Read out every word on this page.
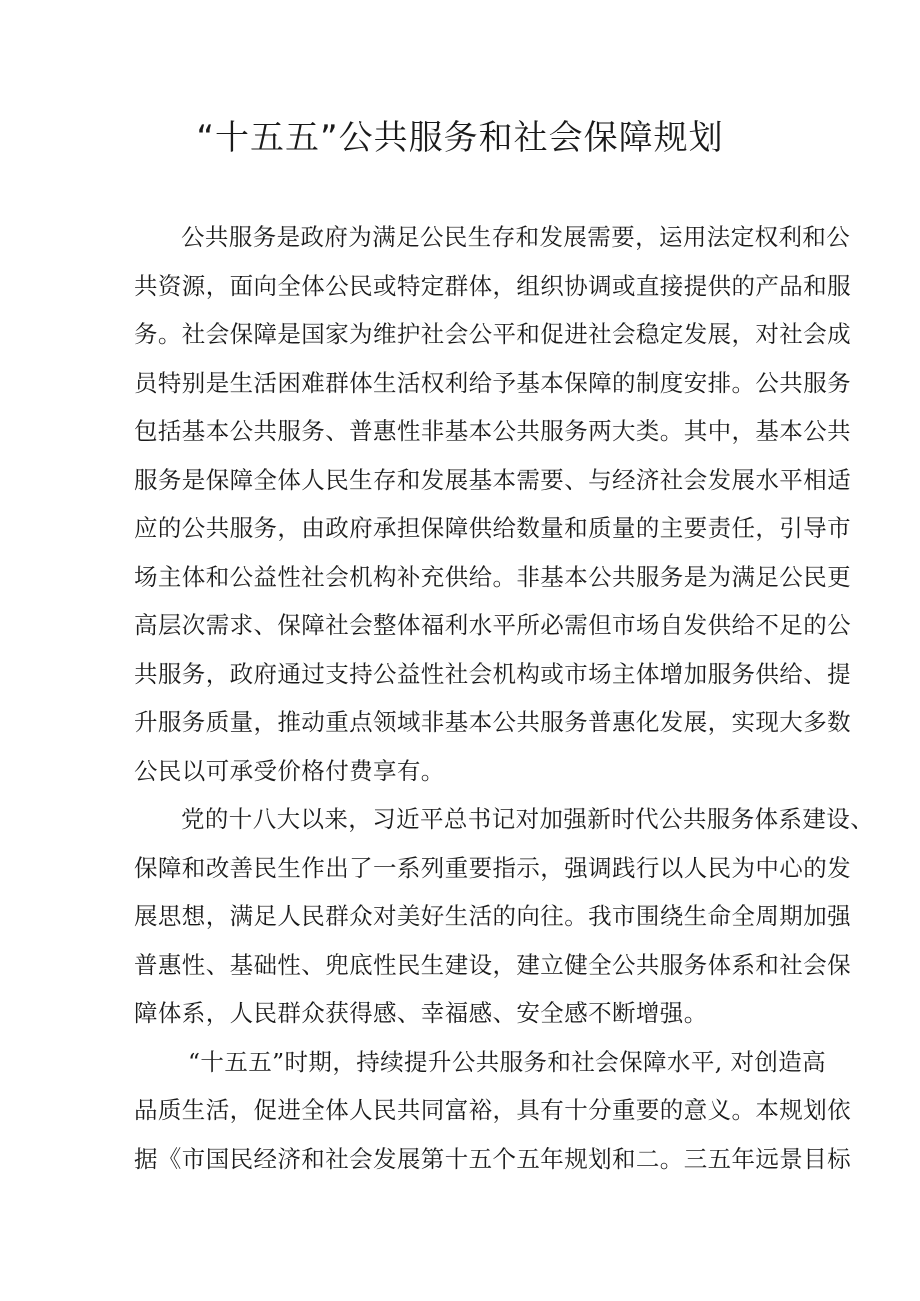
“十五五”公共服务和社会保障规划
公共服务是政府为满足公民生存和发展需要，运用法定权利和公
共资源，面向全体公民或特定群体，组织协调或直接提供的产品和服
务。社会保障是国家为维护社会公平和促进社会稳定发展，对社会成
员特别是生活困难群体生活权利给予基本保障的制度安排。公共服务
包括基本公共服务、普惠性非基本公共服务两大类。其中，基本公共
服务是保障全体人民生存和发展基本需要、与经济社会发展水平相适
应的公共服务，由政府承担保障供给数量和质量的主要责任，引导市
场主体和公益性社会机构补充供给。非基本公共服务是为满足公民更
高层次需求、保障社会整体福利水平所必需但市场自发供给不足的公
共服务，政府通过支持公益性社会机构或市场主体增加服务供给、提
升服务质量，推动重点领域非基本公共服务普惠化发展，实现大多数
公民以可承受价格付费享有。
党的十八大以来，习近平总书记对加强新时代公共服务体系建设、
保障和改善民生作出了一系列重要指示，强调践行以人民为中心的发
展思想，满足人民群众对美好生活的向往。我市围绕生命全周期加强
普惠性、基础性、兜底性民生建设，建立健全公共服务体系和社会保
障体系，人民群众获得感、幸福感、安全感不断增强。
“十五五”时期，持续提升公共服务和社会保障水平, 对创造高
品质生活，促进全体人民共同富裕，具有十分重要的意义。本规划依
据《市国民经济和社会发展第十五个五年规划和二。三五年远景目标
